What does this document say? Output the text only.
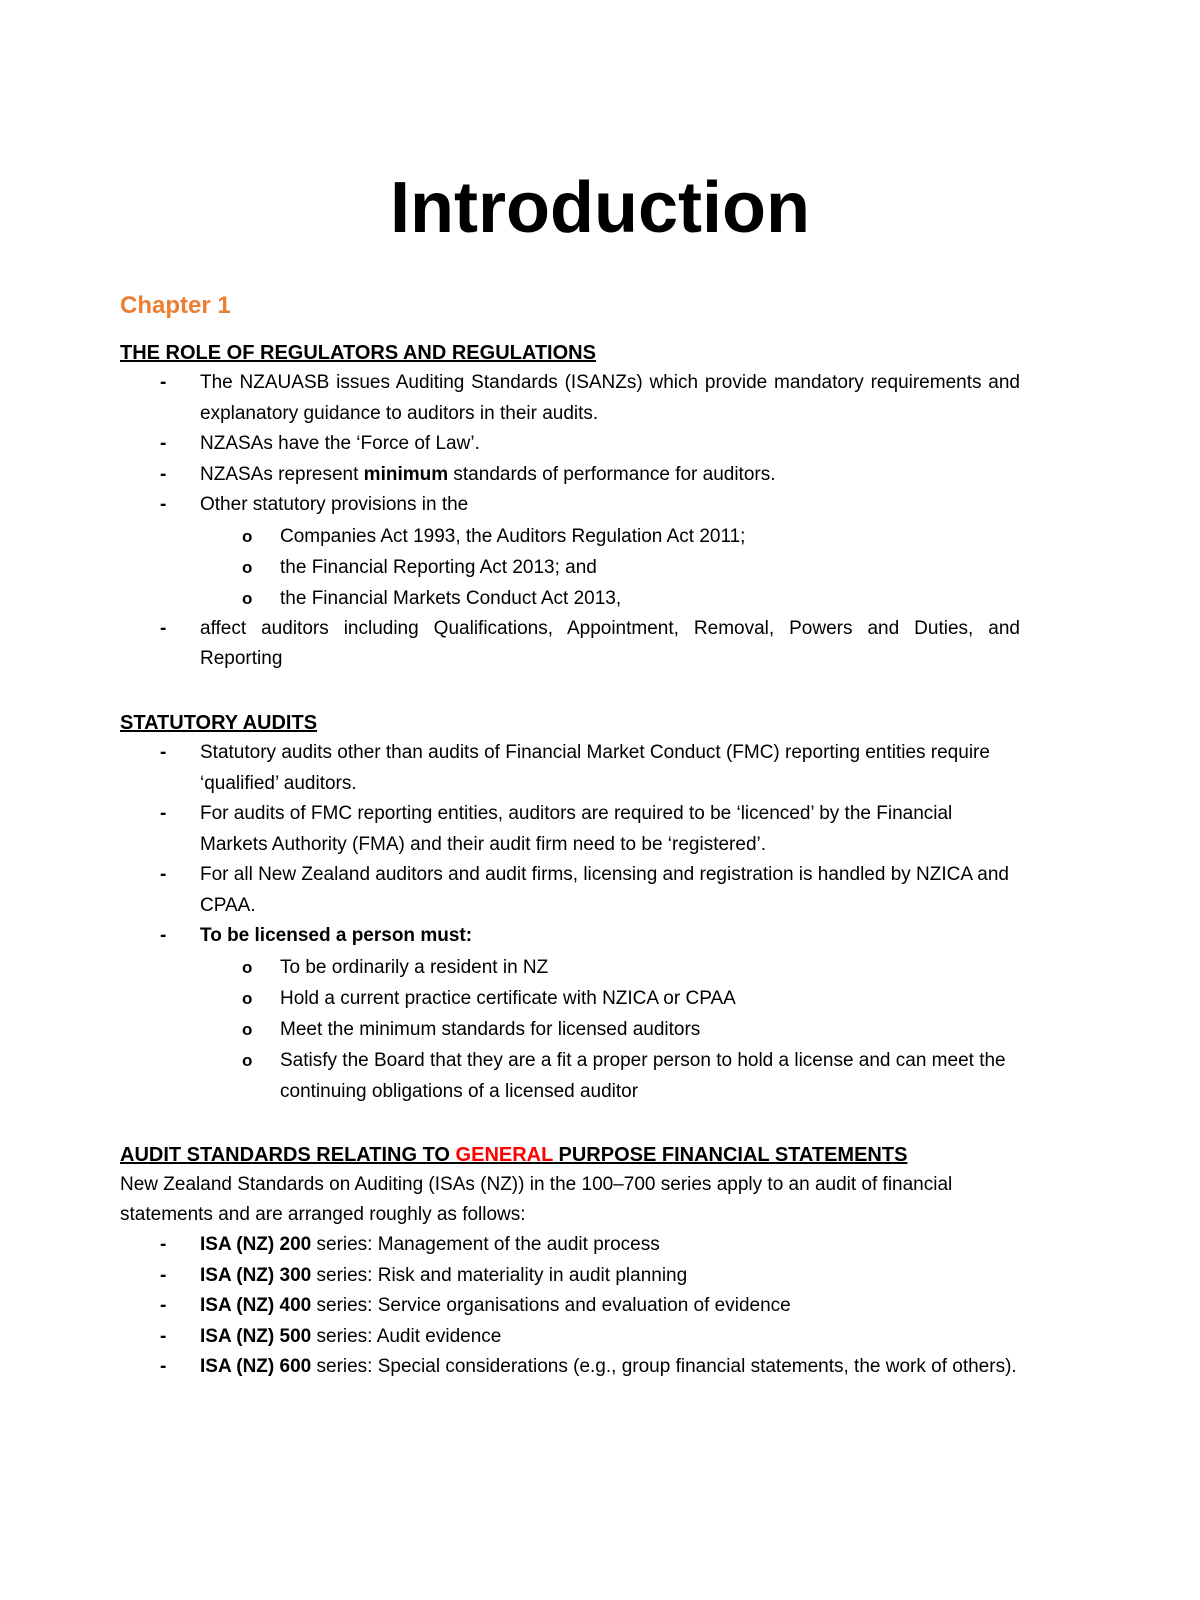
Introduction
Chapter 1

THE ROLE OF REGULATORS AND REGULATIONS

- The NZAUASB issues Auditing Standards (ISANZs) which provide mandatory requirements and explanatory guidance to auditors in their audits.
- NZASAs have the ‘Force of Law’.
- NZASAs represent minimum standards of performance for auditors.
- Other statutory provisions in the
o Companies Act 1993, the Auditors Regulation Act 2011;
o the Financial Reporting Act 2013; and
o the Financial Markets Conduct Act 2013,
- affect auditors including Qualifications, Appointment, Removal, Powers and Duties, and Reporting

STATUTORY AUDITS

- Statutory audits other than audits of Financial Market Conduct (FMC) reporting entities require ‘qualified’ auditors.
- For audits of FMC reporting entities, auditors are required to be ‘licenced’ by the Financial Markets Authority (FMA) and their audit firm need to be ‘registered’.
- For all New Zealand auditors and audit firms, licensing and registration is handled by NZICA and CPAA.
- To be licensed a person must:
o To be ordinarily a resident in NZ
o Hold a current practice certificate with NZICA or CPAA
o Meet the minimum standards for licensed auditors
o Satisfy the Board that they are a fit a proper person to hold a license and can meet the continuing obligations of a licensed auditor

AUDIT STANDARDS RELATING TO GENERAL PURPOSE FINANCIAL STATEMENTS

New Zealand Standards on Auditing (ISAs (NZ)) in the 100–700 series apply to an audit of financial statements and are arranged roughly as follows:

- ISA (NZ) 200 series: Management of the audit process
- ISA (NZ) 300 series: Risk and materiality in audit planning
- ISA (NZ) 400 series: Service organisations and evaluation of evidence
- ISA (NZ) 500 series: Audit evidence
- ISA (NZ) 600 series: Special considerations (e.g., group financial statements, the work of others).
